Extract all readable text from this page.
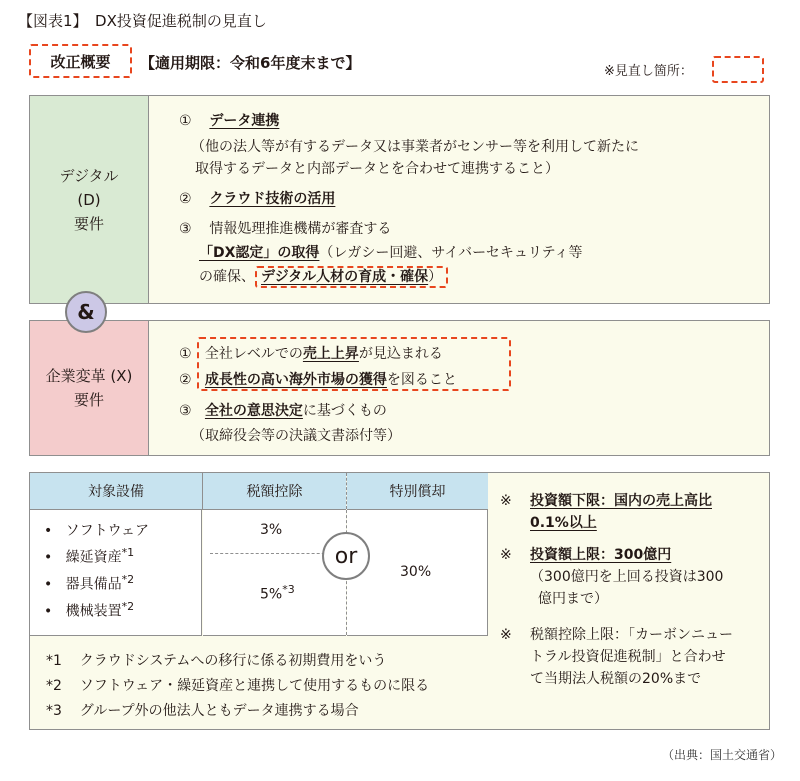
【図表1】　DX投資促進税制の見直し
改正概要	【適用期限：令和6年度末まで】	※見直し箇所：
デジタル
(D)
要件
① データ連携
（他の法人等が有するデータ又は事業者がセンサー等を利用して新たに
取得するデータと内部データとを合わせて連携すること）
② クラウド技術の活用
③ 情報処理推進機構が審査する
「DX認定」の取得（レガシー回避、サイバーセキュリティ等
の確保、 デジタル人材の育成・確保）
&
企業変革 (X)
要件
① 全社レベルでの売上上昇が見込まれる
② 成長性の高い海外市場の獲得を図ること
③ 全社の意思決定に基づくもの
（取締役会等の決議文書添付等）
対象設備	税額控除	特別償却
•   ソフトウェア
•   繰延資産$^{*1}$
•   器具備品$^{*2}$
•   機械装置$^{*2}$
3%
5%$^{*3}$
30%
or
*1 クラウドシステムへの移行に係る初期費用をいう
*2 ソフトウェア・繰延資産と連携して使用するものに限る
*3 グループ外の他法人ともデータ連携する場合
※	投資額下限：国内の売上高比
0.1%以上
※	投資額上限：300億円
（300億円を上回る投資は300
億円まで）
※	税額控除上限：「カーボンニュー
トラル投資促進税制」と合わせ
て当期法人税額の20%まで
（出典：国土交通省）
